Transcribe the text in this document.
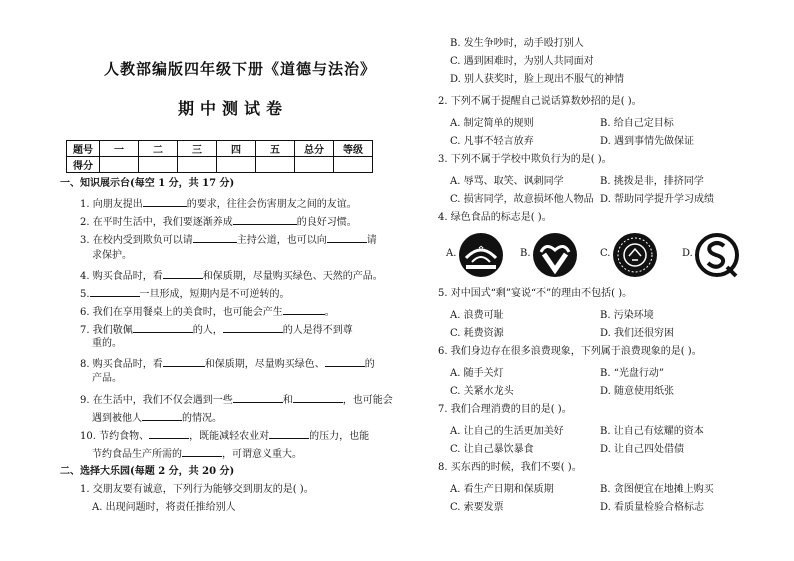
人教部编版四年级下册《道德与法治》
期中测试卷
题号	一	二	三	四	五	总分	等级
得分							
一、知识展示台(每空 1 分，共 17 分)
1. 向朋友提出	的要求，往往会伤害朋友之间的友谊。
2. 在平时生活中，我们要逐渐养成	的良好习惯。
3. 在校内受到欺负可以请	主持公道，也可以向	请
求保护。
4. 购买食品时，看	和保质期，尽量购买绿色、天然的产品。
5.	一旦形成，短期内是不可逆转的。
6. 我们在享用餐桌上的美食时，也可能会产生	。
7. 我们敬佩	的人，	的人是得不到尊
重的。
8. 购买食品时，看	和保质期，尽量购买绿色、	的
产品。
9. 在生活中，我们不仅会遇到一些	和	，也可能会
遇到被他人	的情况。
10. 节约食物、	，既能减轻农业对	的压力，也能
节约食品生产所需的	，可谓意义重大。
二、选择大乐园(每题 2 分，共 20 分)
1. 交朋友要有诚意，下列行为能够交到朋友的是( )。
A. 出现问题时，将责任推给别人
B. 发生争吵时，动手殴打别人
C. 遇到困难时，为别人共同面对
D. 别人获奖时，脸上现出不服气的神情
2. 下列不属于提醒自己说话算数妙招的是( )。
A. 制定简单的规则	B. 给自己定目标
C. 凡事不轻言放弃	D. 遇到事情先做保证
3. 下列不属于学校中欺负行为的是( )。
A. 辱骂、取笑、讽刺同学	B. 挑拨是非，排挤同学
C. 损害同学，故意损坏他人物品 D. 帮助同学提升学习成绩
4. 绿色食品的标志是( )。
A.	✿	B.	C.	D.
5. 对中国式“剩”宴说“不”的理由不包括( )。
A. 浪费可耻	B. 污染环境
C. 耗费资源	D. 我们还很穷困
6. 我们身边存在很多浪费现象，下列属于浪费现象的是( )。
A. 随手关灯	B. “光盘行动”
C. 关紧水龙头	D. 随意使用纸张
7. 我们合理消费的目的是( )。
A. 让自己的生活更加美好	B. 让自己有炫耀的资本
C. 让自己暴饮暴食	D. 让自己四处借债
8. 买东西的时候，我们不要( )。
A. 看生产日期和保质期	B. 贪图便宜在地摊上购买
C. 索要发票	D. 看质量检验合格标志
